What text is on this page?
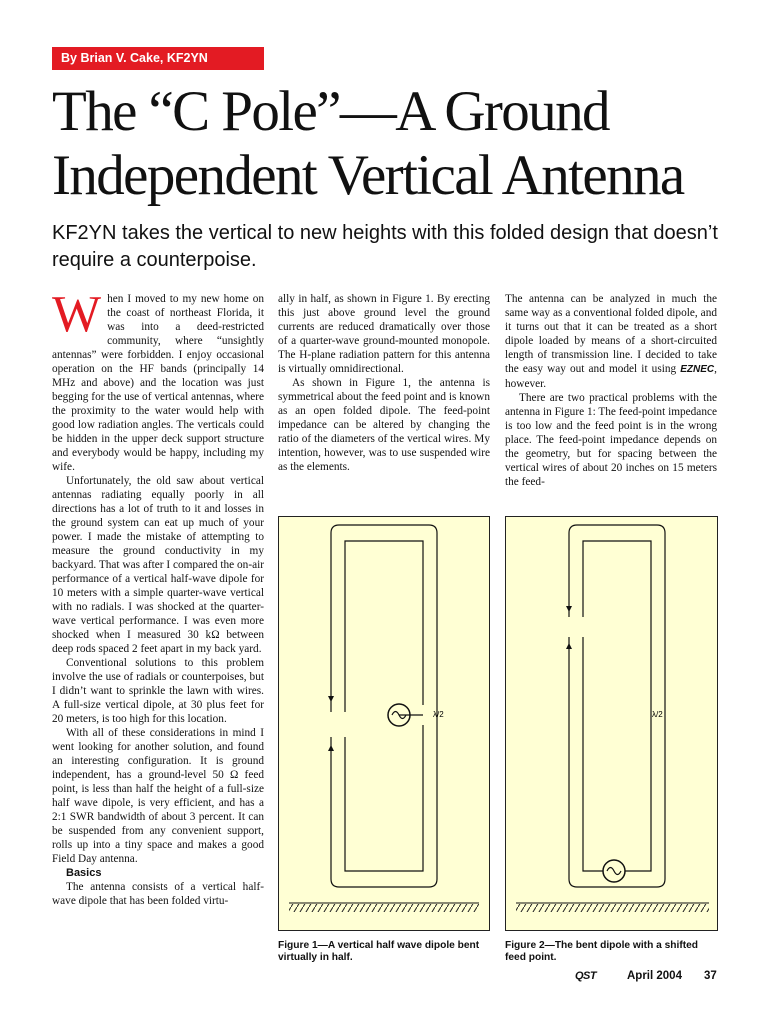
By Brian V. Cake, KF2YN
The “C Pole”—A Ground Independent Vertical Antenna

KF2YN takes the vertical to new heights with this folded design that doesn’t require a counterpoise.

When I moved to my new home on the coast of northeast Florida, it was into a deed-restricted community, where “unsightly antennas” were forbidden. I enjoy occasional operation on the HF bands (principally 14 MHz and above) and the location was just begging for the use of vertical antennas, where the proximity to the water would help with good low radiation angles. The verticals could be hidden in the upper deck support structure and everybody would be happy, including my wife.

Unfortunately, the old saw about vertical antennas radiating equally poorly in all directions has a lot of truth to it and losses in the ground system can eat up much of your power. I made the mistake of attempting to measure the ground conductivity in my backyard. That was after I compared the on-air performance of a vertical half-wave dipole for 10 meters with a simple quarter-wave vertical with no radials. I was shocked at the quarter-wave vertical performance. I was even more shocked when I measured 30 kΩ between deep rods spaced 2 feet apart in my back yard.

Conventional solutions to this problem involve the use of radials or counterpoises, but I didn’t want to sprinkle the lawn with wires. A full-size vertical dipole, at 30 plus feet for 20 meters, is too high for this location.

With all of these considerations in mind I went looking for another solution, and found an interesting configuration. It is ground independent, has a ground-level 50 Ω feed point, is less than half the height of a full-size half wave dipole, is very efficient, and has a 2:1 SWR bandwidth of about 3 percent. It can be suspended from any convenient support, rolls up into a tiny space and makes a good Field Day antenna.

Basics

The antenna consists of a vertical half-wave dipole that has been folded virtu-

ally in half, as shown in Figure 1. By erecting this just above ground level the ground currents are reduced dramatically over those of a quarter-wave ground-mounted monopole. The H-plane radiation pattern for this antenna is virtually omnidirectional.

As shown in Figure 1, the antenna is symmetrical about the feed point and is known as an open folded dipole. The feed-point impedance can be altered by changing the ratio of the diameters of the vertical wires. My intention, however, was to use suspended wire as the elements.

The antenna can be analyzed in much the same way as a conventional folded dipole, and it turns out that it can be treated as a short dipole loaded by means of a short-circuited length of transmission line. I decided to take the easy way out and model it using EZNEC, however.

There are two practical problems with the antenna in Figure 1: The feed-point impedance is too low and the feed point is in the wrong place. The feed-point impedance depends on the geometry, but for spacing between the vertical wires of about 20 inches on 15 meters the feed-

λ/2

Figure 1—A vertical half wave dipole bent virtually in half.

λ/2

Figure 2—The bent dipole with a shifted feed point.

QST	April 2004 37
